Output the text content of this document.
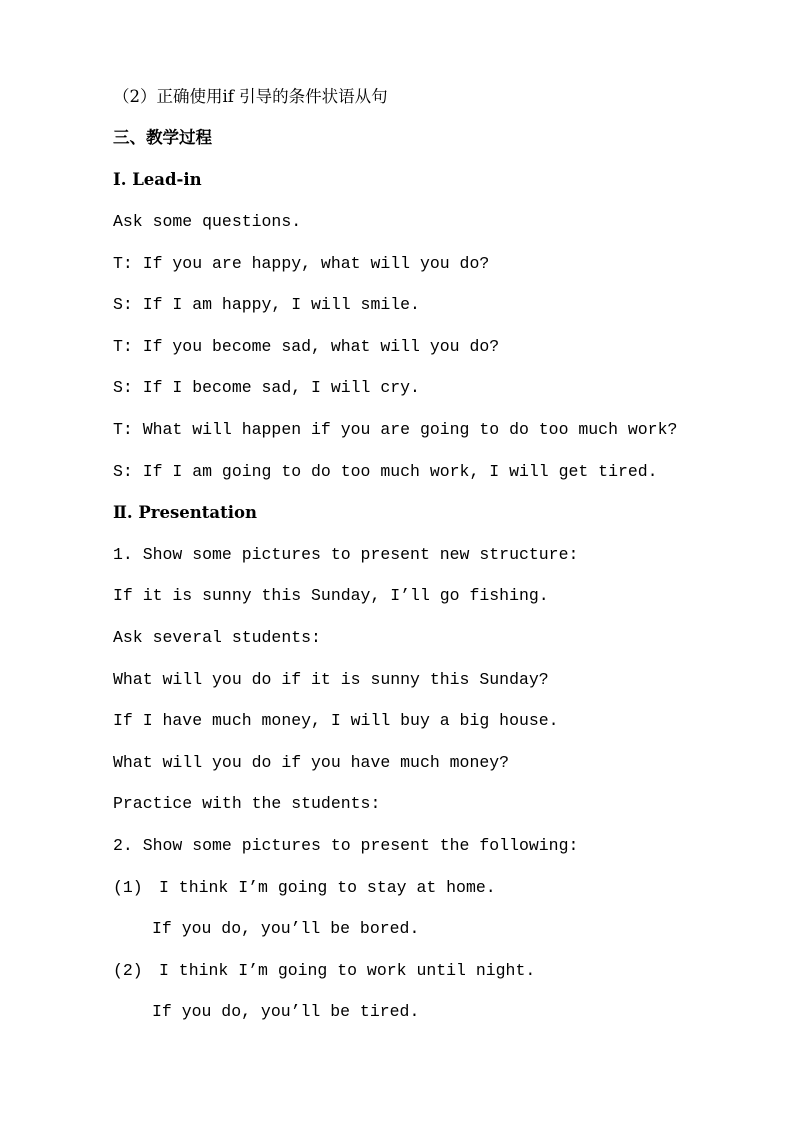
（2）正确使用if 引导的条件状语从句
三、教学过程
Ⅰ. Lead-in
Ask some questions.
T: If you are happy, what will you do?
S: If I am happy, I will smile.
T: If you become sad, what will you do?
S: If I become sad, I will cry.
T: What will happen if you are going to do too much work?
S: If I am going to do too much work, I will get tired.
Ⅱ. Presentation
1. Show some pictures to present new structure:
If it is sunny this Sunday, I’ll go fishing.
Ask several students:
What will you do if it is sunny this Sunday?
If I have much money, I will buy a big house.
What will you do if you have much money?
Practice with the students:
2. Show some pictures to present the following:
(1) I think I’m going to stay at home.
If you do, you’ll be bored.
(2) I think I’m going to work until night.
If you do, you’ll be tired.
